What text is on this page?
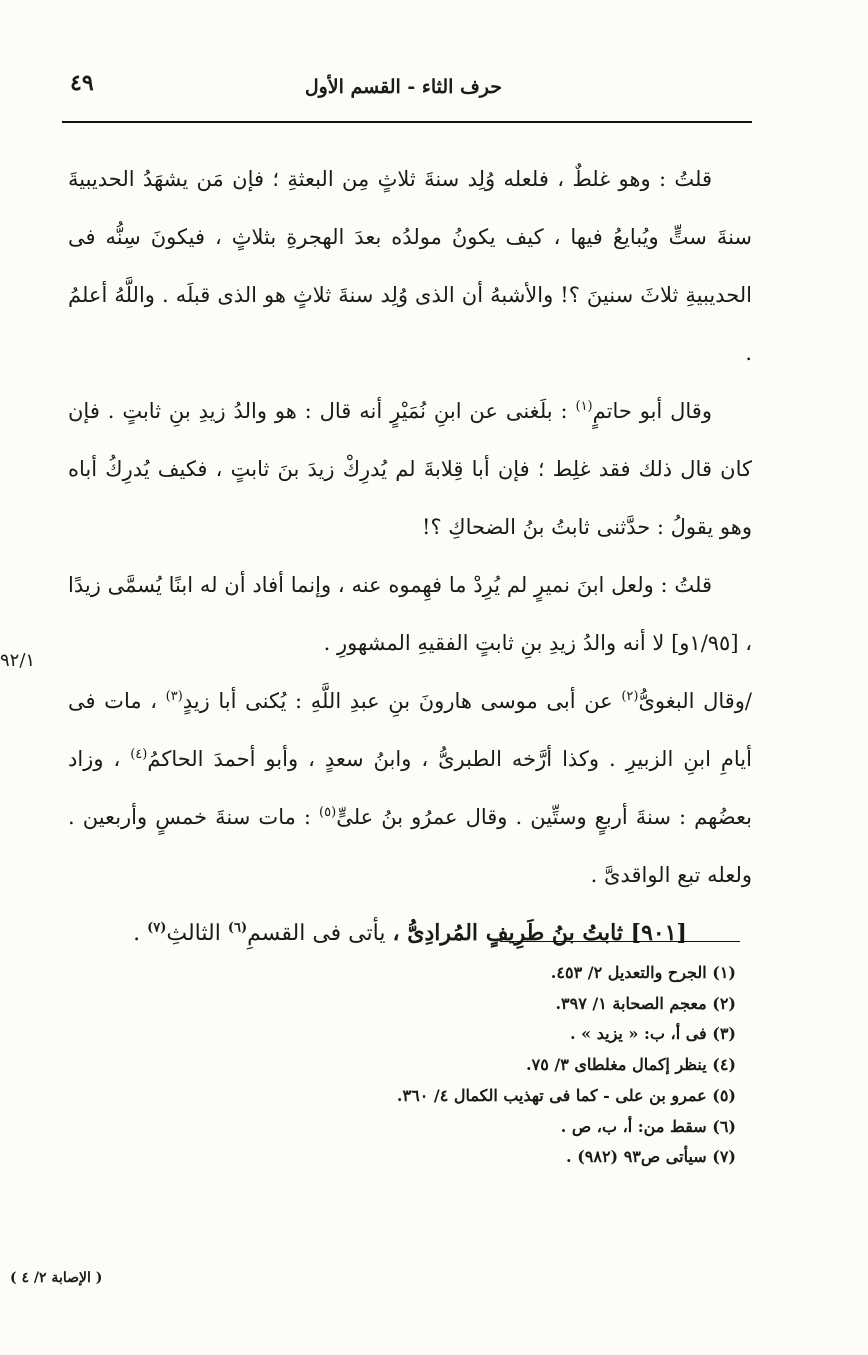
٤٩	حرف الثاء - القسم الأول
٩٢/١

قلتُ : وهو غلطٌ ، فلعله وُلِد سنةَ ثلاثٍ مِن البعثةِ ؛ فإن مَن يشهَدُ الحديبيةَ سنةَ ستٍّ ويُبايعُ فيها ، كيف يكونُ مولدُه بعدَ الهجرةِ بثلاثٍ ، فيكونَ سِنُّه فى الحديبيةِ ثلاثَ سنينَ ؟! والأشبهُ أن الذى وُلِد سنةَ ثلاثٍ هو الذى قبلَه . واللَّهُ أعلمُ .

وقال أبو حاتمٍ$^{(١)}$ : بلَغنى عن ابنِ نُمَيْرٍ أنه قال : هو والدُ زيدِ بنِ ثابتٍ . فإن كان قال ذلك فقد غلِط ؛ فإن أبا قِلابةَ لم يُدرِكْ زيدَ بنَ ثابتٍ ، فكيف يُدرِكُ أباه وهو يقولُ : حدَّثنى ثابتُ بنُ الضحاكِ ؟!

قلتُ : ولعل ابنَ نميرٍ لم يُرِدْ ما فهِموه عنه ، وإنما أفاد أن له ابنًا يُسمَّى زيدًا ، [١/٩٥و] لا أنه والدُ زيدِ بنِ ثابتٍ الفقيهِ المشهورِ .

/وقال البغوىُّ$^{(٢)}$ عن أبى موسى هارونَ بنِ عبدِ اللَّهِ : يُكنى أبا زيدٍ$^{(٣)}$ ، مات فى أيامِ ابنِ الزبيرِ . وكذا أرَّخه الطبرىُّ ، وابنُ سعدٍ ، وأبو أحمدَ الحاكمُ$^{(٤)}$ ، وزاد بعضُهم : سنةَ أربعٍ وستِّين . وقال عمرُو بنُ علىٍّ$^{(٥)}$ : مات سنةَ خمسٍ وأربعين . ولعله تبع الواقدىَّ .

[٩٠١] ثابتُ بنُ طَرِيفٍ المُرادِىُّ ، يأتى فى القسمِ$^{(٦)}$ الثالثِ$^{(٧)}$ .

(١) الجرح والتعديل ٢/ ٤٥٣.

(٢) معجم الصحابة ١/ ٣٩٧.

(٣) فى أ، ب: « يزيد » .

(٤) ينظر إكمال مغلطاى ٣/ ٧٥.

(٥) عمرو بن على - كما فى تهذيب الكمال ٤/ ٣٦٠.

(٦) سقط من: أ، ب، ص .

(٧) سيأتى ص٩٣ (٩٨٢) .

( الإصابة ٢/ ٤ )
